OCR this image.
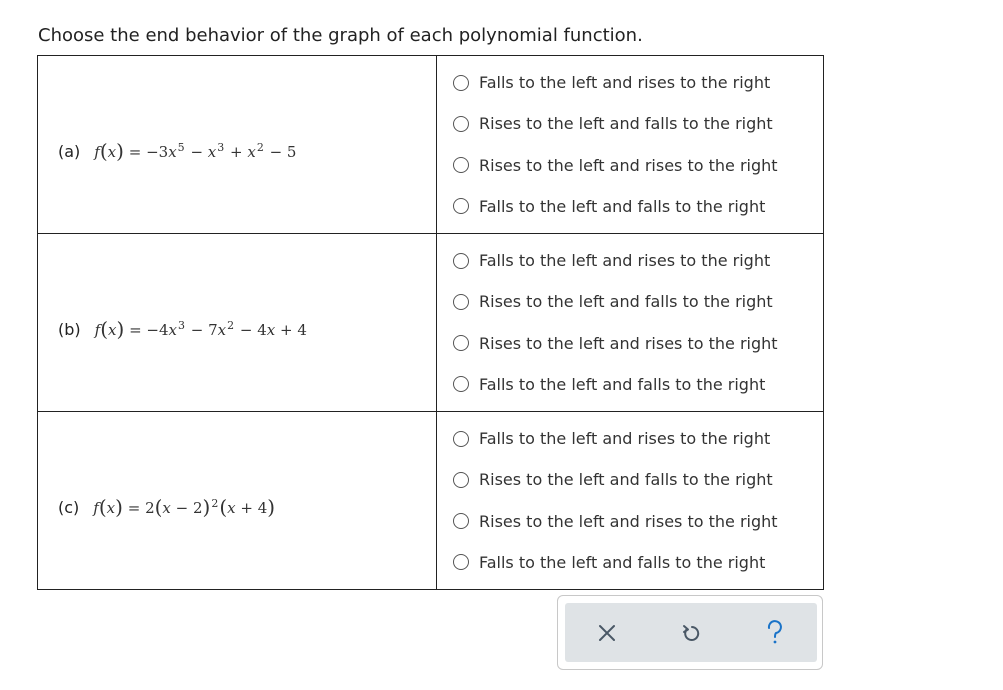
Choose the end behavior of the graph of each polynomial function.
(a) $f(x) = -3x^5 - x^3 + x^2 - 5$	Falls to the left and rises to the right
Rises to the left and falls to the right
Rises to the left and rises to the right
Falls to the left and falls to the right

(b) $f(x) = -4x^3 - 7x^2 - 4x + 4$	Falls to the left and rises to the right
Rises to the left and falls to the right
Rises to the left and rises to the right
Falls to the left and falls to the right

(c) $f(x) = 2(x - 2)^2(x + 4)$	Falls to the left and rises to the right
Rises to the left and falls to the right
Rises to the left and rises to the right
Falls to the left and falls to the right
